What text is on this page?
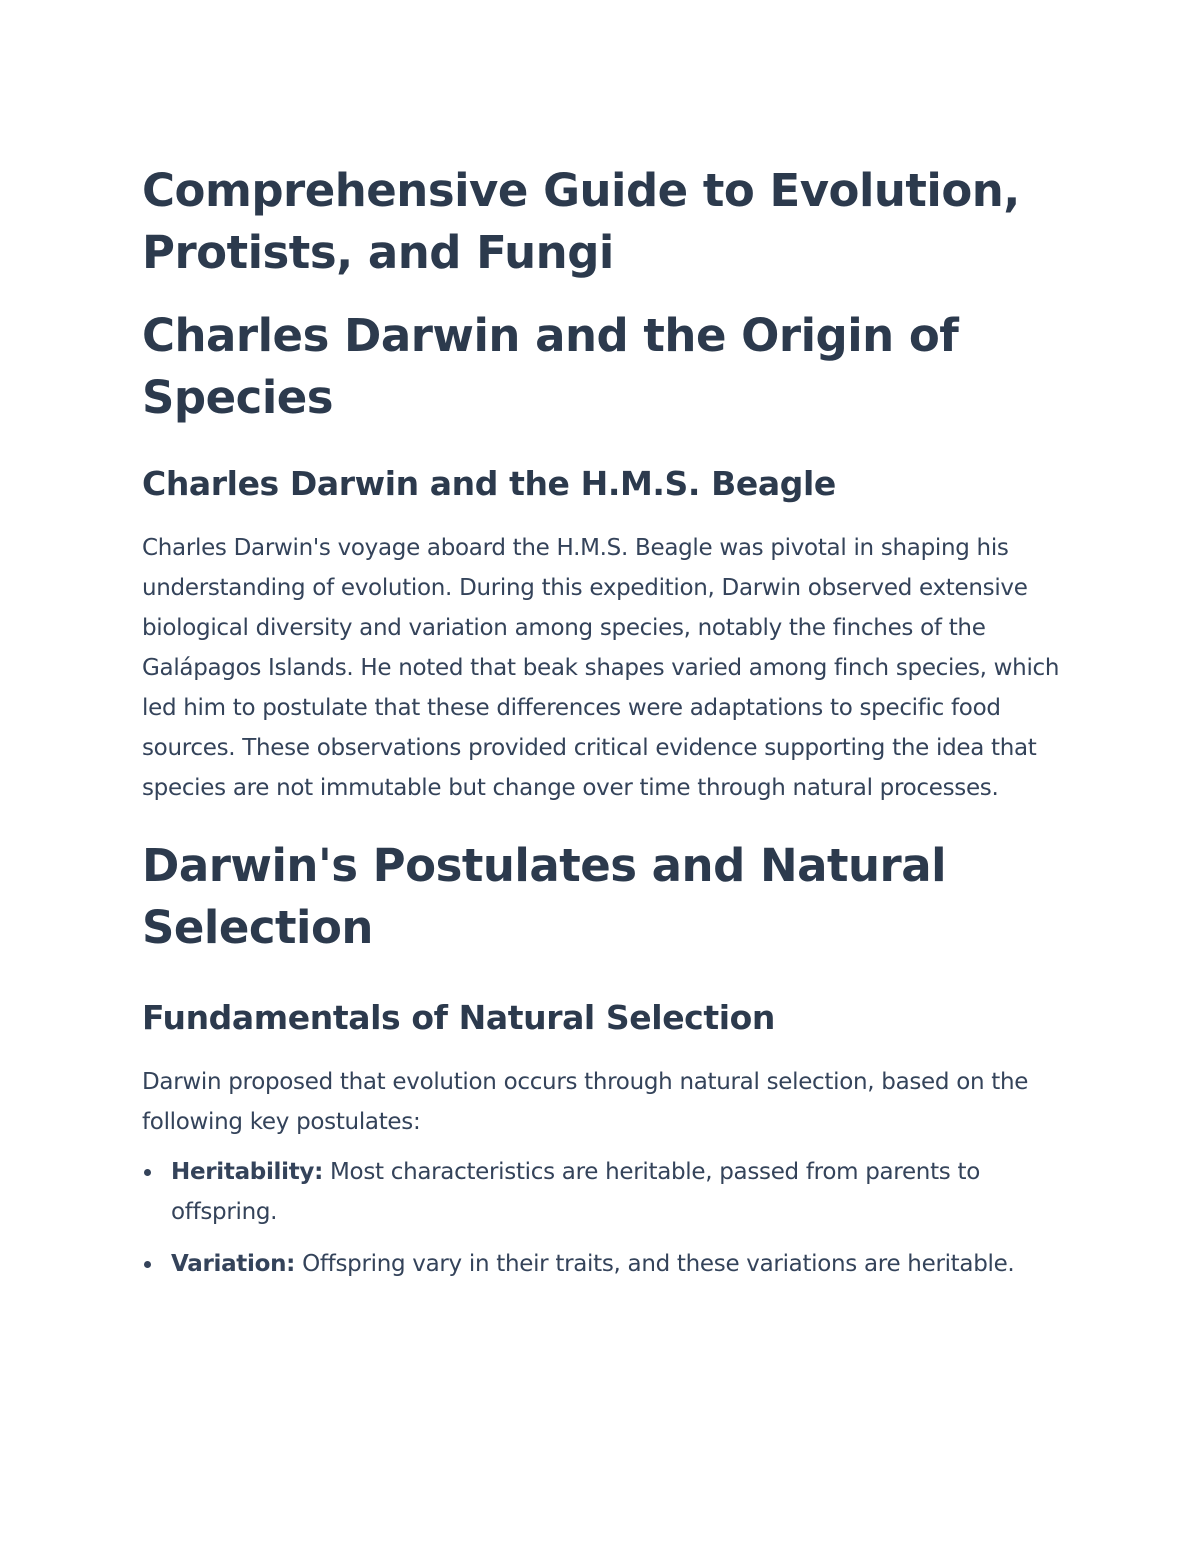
Comprehensive Guide to Evolution, Protists, and Fungi
Charles Darwin and the Origin of Species
Charles Darwin and the H.M.S. Beagle

Charles Darwin's voyage aboard the H.M.S. Beagle was pivotal in shaping his understanding of evolution. During this expedition, Darwin observed extensive biological diversity and variation among species, notably the finches of the Galápagos Islands. He noted that beak shapes varied among finch species, which led him to postulate that these differences were adaptations to specific food sources. These observations provided critical evidence supporting the idea that species are not immutable but change over time through natural processes.

Darwin's Postulates and Natural Selection
Fundamentals of Natural Selection

Darwin proposed that evolution occurs through natural selection, based on the following key postulates:

Heritability: Most characteristics are heritable, passed from parents to offspring.
Variation: Offspring vary in their traits, and these variations are heritable.
